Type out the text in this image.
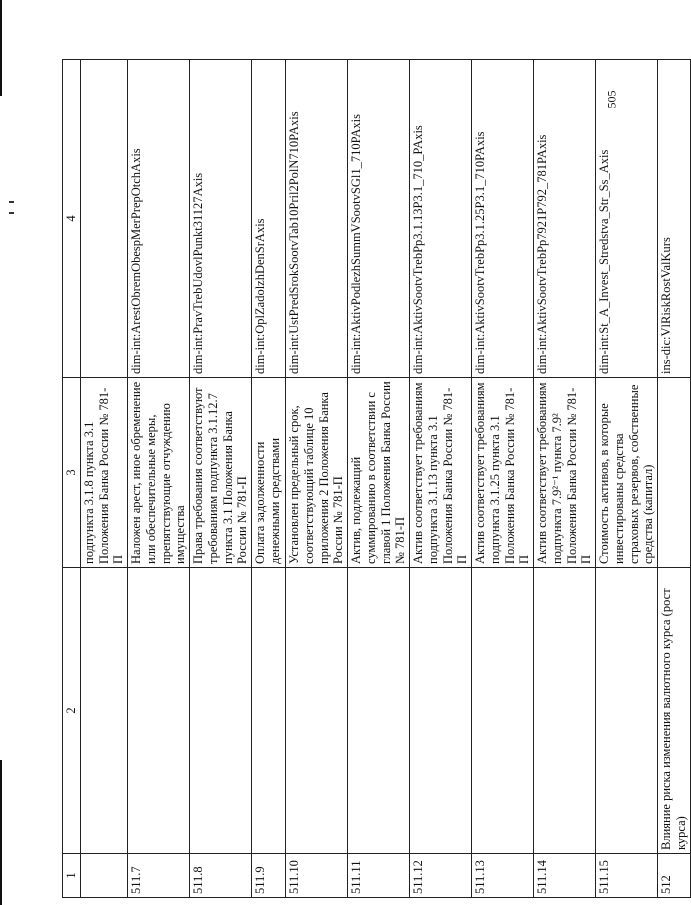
505
1	2	3	4
		подпункта 3.1.8 пункта 3.1 Положения Банка России № 781-П	
511.7		Наложен арест, иное обременение или обеспечительные меры, препятствующие отчуждению имущества	dim-int:ArestObremObespMerPrepOtchAxis
511.8		Права требования соответствуют требованиям подпункта 3.1.12.7 пункта 3.1 Положения Банка России № 781-П	dim-int:PravTrebUdovlPunkt31127Axis
511.9		Оплата задолженности денежными средствами	dim-int:OplZadolzhDenSrAxis
511.10		Установлен предельный срок, соответствующий таблице 10 приложения 2 Положения Банка России № 781-П	dim-int:UstPredSrokSootvTab10Pril2PolN710PAxis
511.11		Актив, подлежащий суммированию в соответствии с главой 1 Положения Банка России № 781-П	dim-int:AktivPodlezhSummVSootvSGl1_710PAxis
511.12		Актив соответствует требованиям подпункта 3.1.13 пункта 3.1 Положения Банка России № 781-П	dim-int:AktivSootvTrebPp3.1.13P3.1_710_PAxis
511.13		Актив соответствует требованиям подпункта 3.1.25 пункта 3.1 Положения Банка России № 781-П	dim-int:AktivSootvTrebPp3.1.25P3.1_710PAxis
511.14		Актив соответствует требованиям подпункта 7.9²⁻¹ пункта 7.9² Положения Банка России № 781-П	dim-int:AktivSootvTrebPp7921P792_781PAxis
511.15		Стоимость активов, в которые инвестированы средства страховых резервов, собственные средства (капитал)	dim-int:St_A_Invest_Stredstva_Str_Ss_Axis
512	Влияние риска изменения валютного курса (рост курса)		ins-dic:VlRiskRostValKurs
